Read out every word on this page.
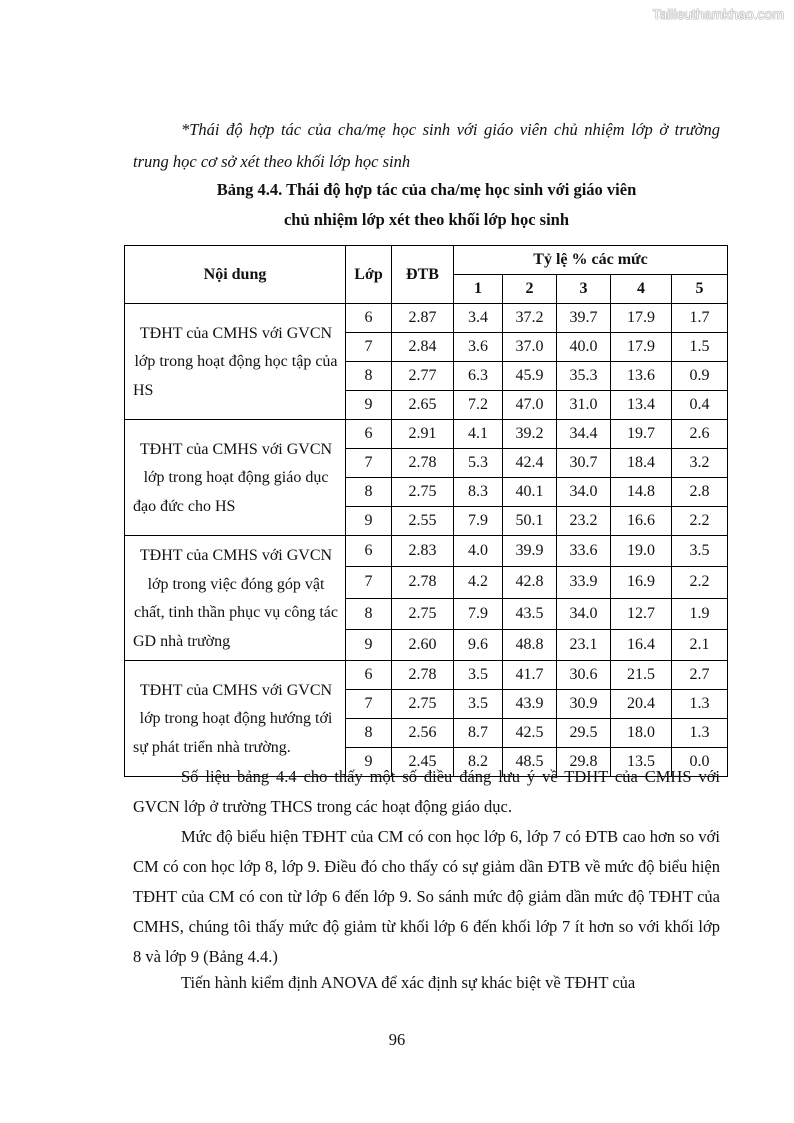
Tailieuthamkhao.com
*Thái độ hợp tác của cha/mẹ học sinh với giáo viên chủ nhiệm lớp ở trường trung học cơ sở xét theo khối lớp học sinh
Bảng 4.4. Thái độ hợp tác của cha/mẹ học sinh với giáo viên
chủ nhiệm lớp xét theo khối lớp học sinh
Nội dung	Lớp	ĐTB	Tỷ lệ % các mức				
			1	2	3	4	5
TĐHT của CMHS với GVCN lớp trong hoạt động học tập của HS	6	2.87	3.4	37.2	39.7	17.9	1.7
	7	2.84	3.6	37.0	40.0	17.9	1.5
	8	2.77	6.3	45.9	35.3	13.6	0.9
	9	2.65	7.2	47.0	31.0	13.4	0.4
TĐHT của CMHS với GVCN lớp trong hoạt động giáo dục đạo đức cho HS	6	2.91	4.1	39.2	34.4	19.7	2.6
	7	2.78	5.3	42.4	30.7	18.4	3.2
	8	2.75	8.3	40.1	34.0	14.8	2.8
	9	2.55	7.9	50.1	23.2	16.6	2.2
TĐHT của CMHS với GVCN lớp trong việc đóng góp vật chất, tinh thần phục vụ công tác GD nhà trường	6	2.83	4.0	39.9	33.6	19.0	3.5
	7	2.78	4.2	42.8	33.9	16.9	2.2
	8	2.75	7.9	43.5	34.0	12.7	1.9
	9	2.60	9.6	48.8	23.1	16.4	2.1
TĐHT của CMHS với GVCN lớp trong hoạt động hướng tới sự phát triển nhà trường.	6	2.78	3.5	41.7	30.6	21.5	2.7
	7	2.75	3.5	43.9	30.9	20.4	1.3
	8	2.56	8.7	42.5	29.5	18.0	1.3
	9	2.45	8.2	48.5	29.8	13.5	0.0
Số liệu bảng 4.4 cho thấy một số điều đáng lưu ý về TĐHT của CMHS với GVCN lớp ở trường THCS trong các hoạt động giáo dục.
Mức độ biểu hiện TĐHT của CM có con học lớp 6, lớp 7 có ĐTB cao hơn so với CM có con học lớp 8, lớp 9. Điều đó cho thấy có sự giảm dần ĐTB về mức độ biểu hiện TĐHT của CM có con từ lớp 6 đến lớp 9. So sánh mức độ giảm dần mức độ TĐHT của CMHS, chúng tôi thấy mức độ giảm từ khối lớp 6 đến khối lớp 7 ít hơn so với khối lớp 8 và lớp 9 (Bảng 4.4.)
Tiến hành kiểm định ANOVA để xác định sự khác biệt về TĐHT của
96
